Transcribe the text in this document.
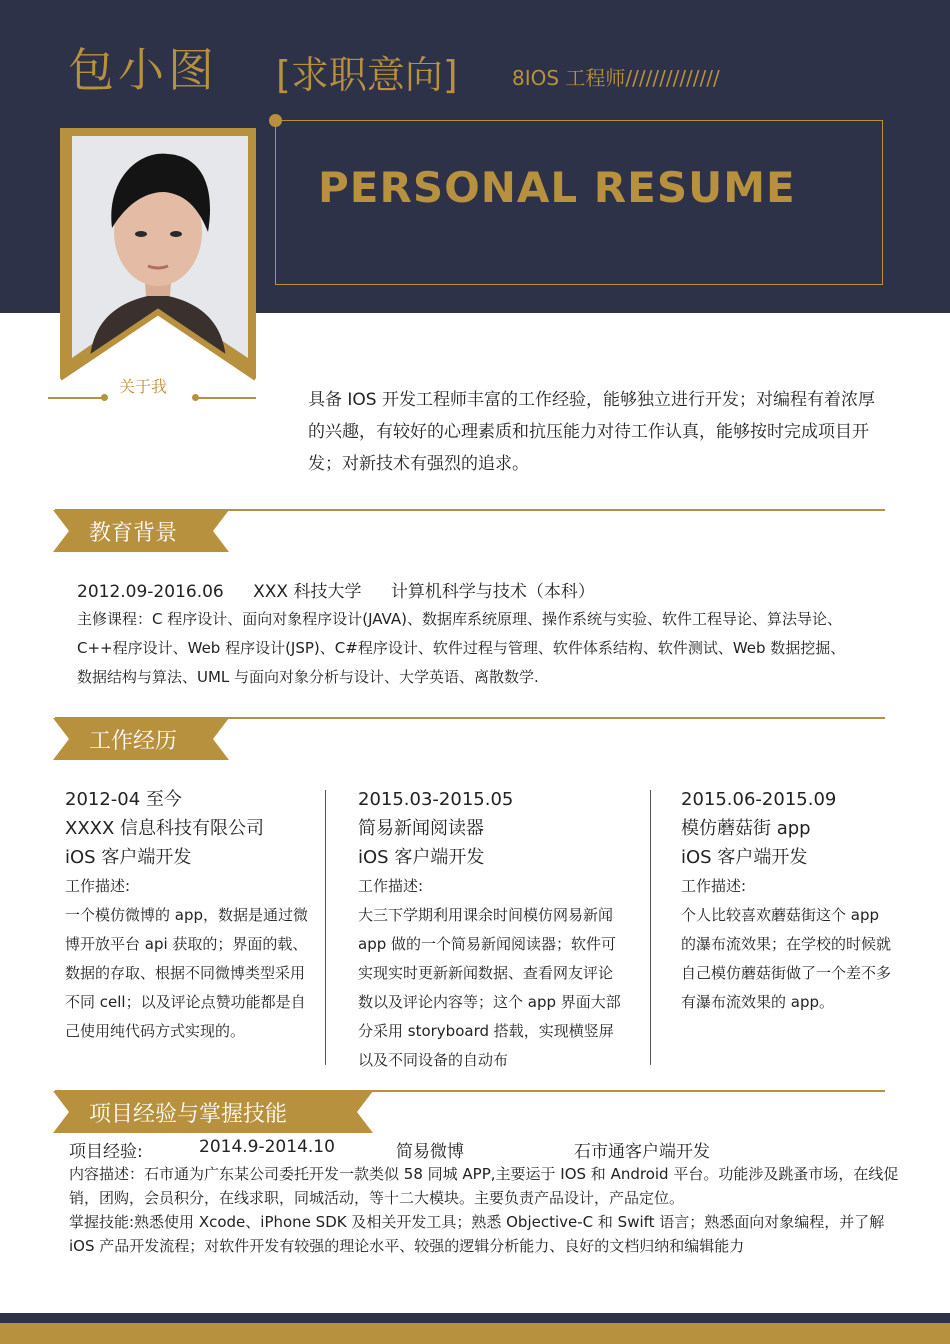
包小图 [求职意向]	8IOS 工程师//////////////
PERSONAL RESUME
关于我
具备 IOS 开发工程师丰富的工作经验，能够独立进行开发；对编程有着浓厚的兴趣，有较好的心理素质和抗压能力对待工作认真，能够按时完成项目开发；对新技术有强烈的追求。
教育背景
2012.09-2016.06 XXX 科技大学 计算机科学与技术（本科）
主修课程：C 程序设计、面向对象程序设计(JAVA)、数据库系统原理、操作系统与实验、软件工程导论、算法导论、 C++程序设计、Web 程序设计(JSP)、C#程序设计、软件过程与管理、软件体系结构、软件测试、Web 数据挖掘、数据结构与算法、UML 与面向对象分析与设计、大学英语、离散数学.
工作经历
2012-04 至今
XXXX 信息科技有限公司
iOS 客户端开发
工作描述:
一个模仿微博的 app，数据是通过微博开放平台 api 获取的；界面的载、数据的存取、根据不同微博类型采用不同 cell；以及评论点赞功能都是自己使用纯代码方式实现的。
2015.03-2015.05
简易新闻阅读器
iOS 客户端开发
工作描述:
大三下学期利用课余时间模仿网易新闻 app 做的一个简易新闻阅读器；软件可实现实时更新新闻数据、查看网友评论数以及评论内容等；这个 app 界面大部分采用 storyboard 搭载，实现横竖屏以及不同设备的自动布
2015.06-2015.09
模仿蘑菇街 app
iOS 客户端开发
工作描述:
个人比较喜欢蘑菇街这个 app 的瀑布流效果；在学校的时候就自己模仿蘑菇街做了一个差不多有瀑布流效果的 app。
项目经验与掌握技能
项目经验:	2014.9-2014.10	简易微博	石市通客户端开发

内容描述：石市通为广东某公司委托开发一款类似 58 同城 APP,主要运于 IOS 和 Android 平台。功能涉及跳蚤市场，在线促销，团购，会员积分，在线求职，同城活动，等十二大模块。主要负责产品设计，产品定位。

掌握技能:熟悉使用 Xcode、iPhone SDK 及相关开发工具；熟悉 Objective-C 和 Swift 语言；熟悉面向对象编程，并了解 iOS 产品开发流程；对软件开发有较强的理论水平、较强的逻辑分析能力、良好的文档归纳和编辑能力
